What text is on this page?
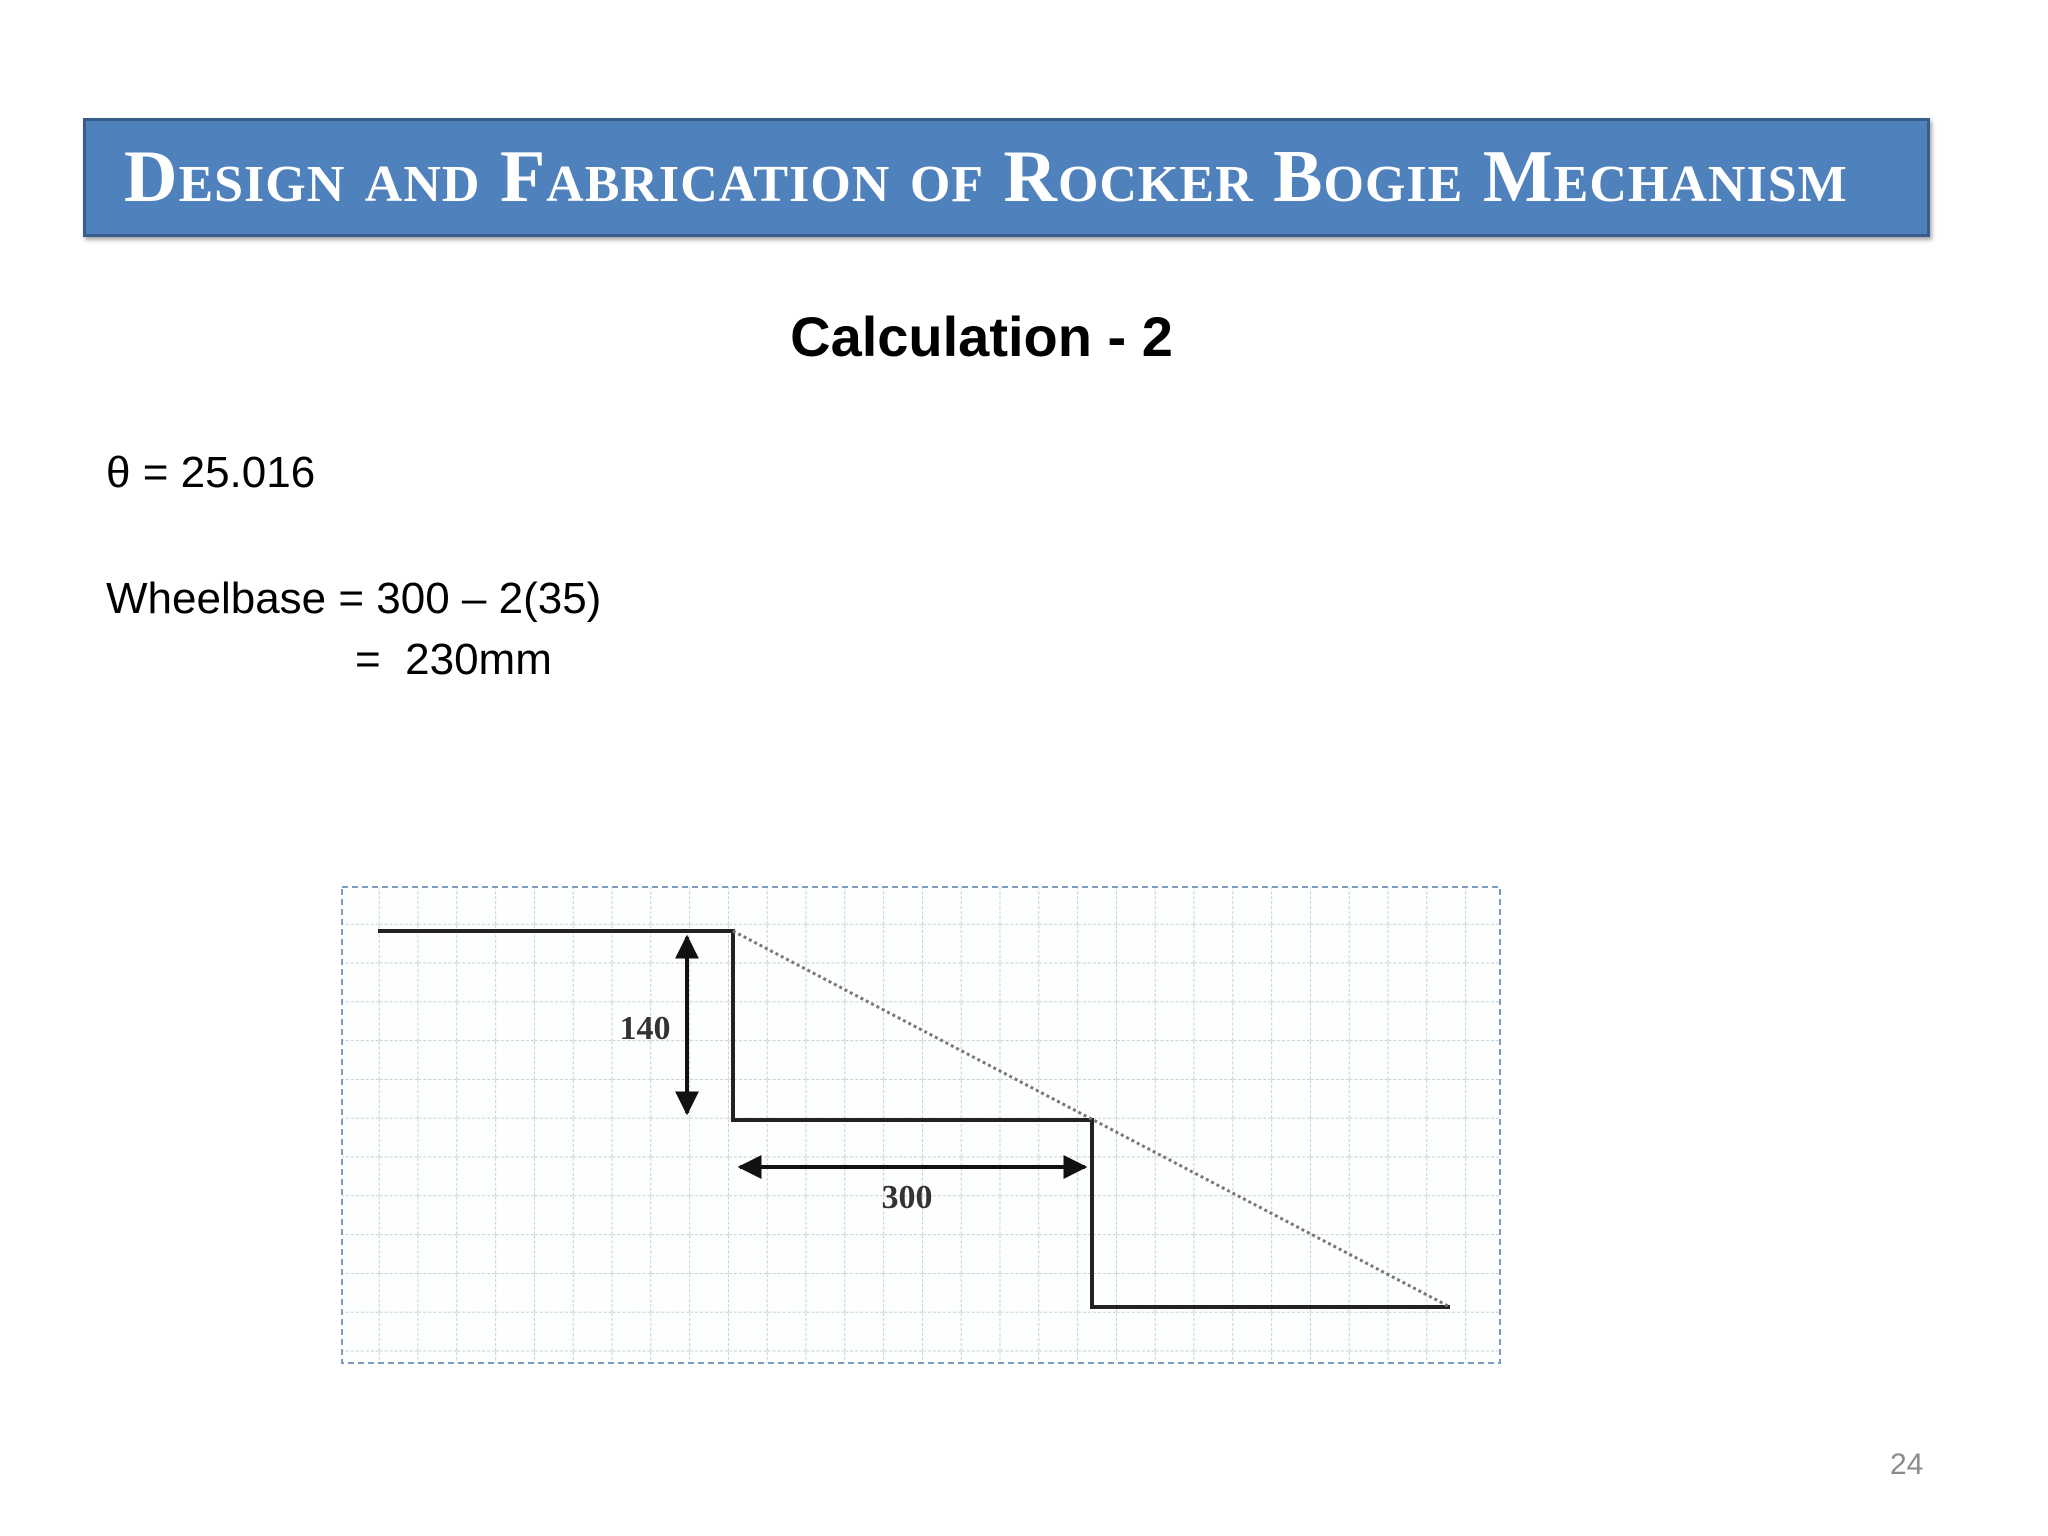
Design and Fabrication of Rocker Bogie Mechanism
Calculation - 2
θ = 25.016
Wheelbase = 300 – 2(35)
=  230mm
140
300
24
